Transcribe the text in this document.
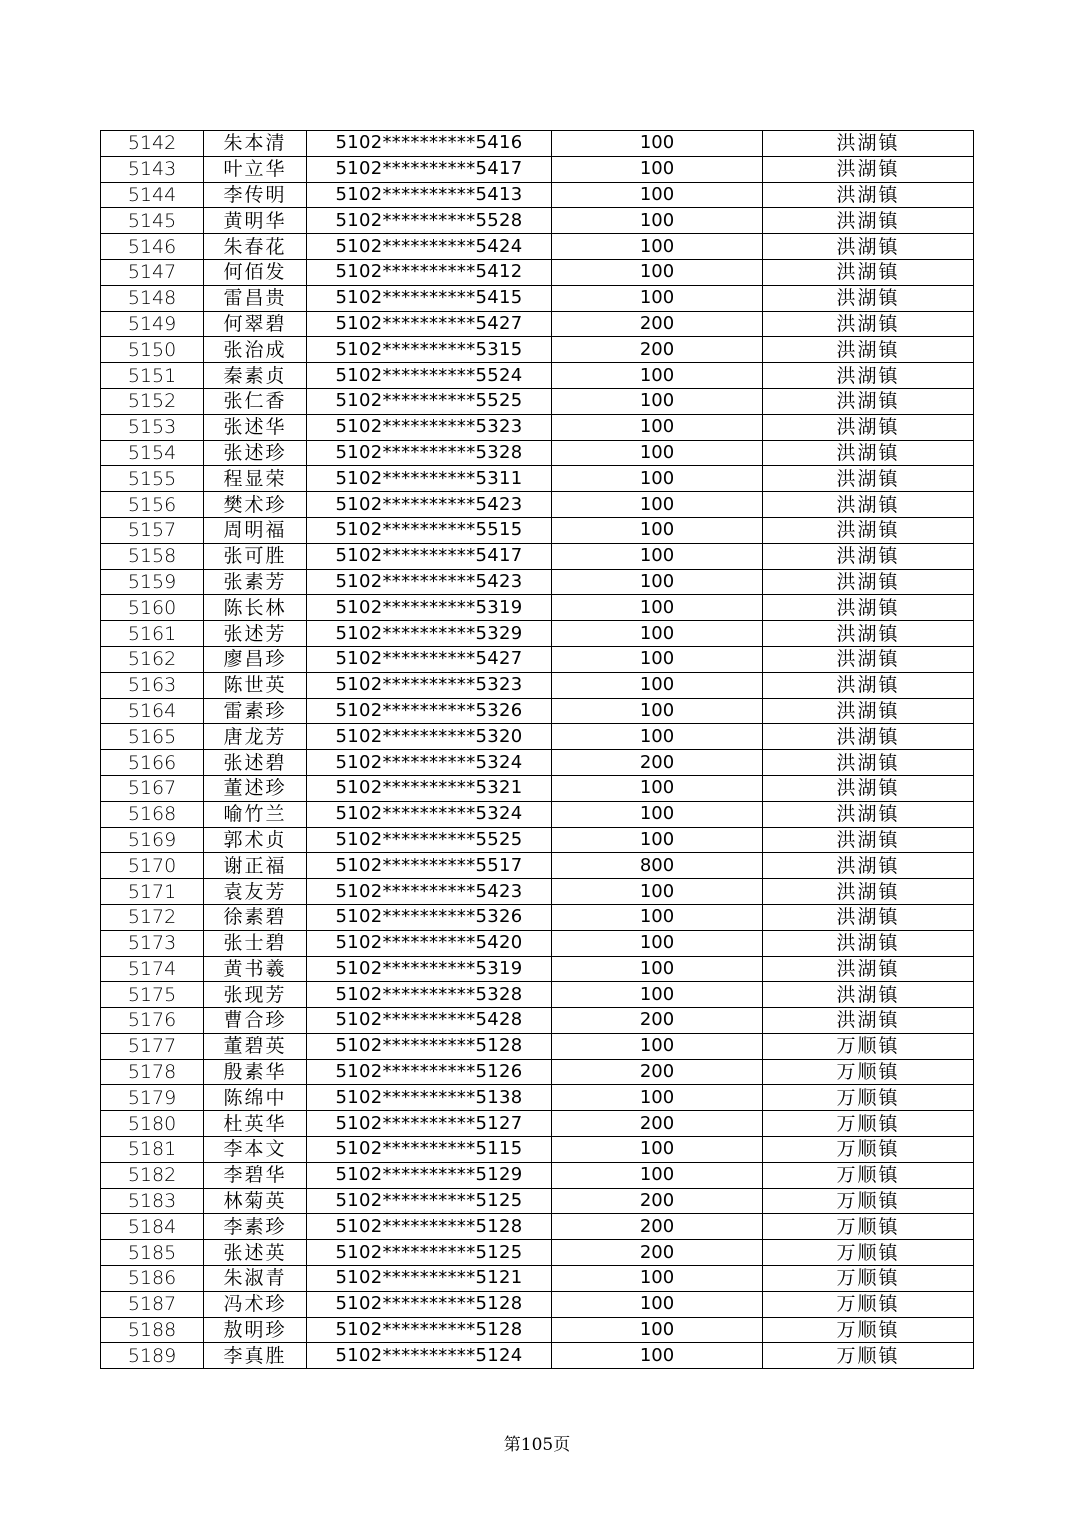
5142	朱本清	5102**********5416	100	洪湖镇
5143	叶立华	5102**********5417	100	洪湖镇
5144	李传明	5102**********5413	100	洪湖镇
5145	黄明华	5102**********5528	100	洪湖镇
5146	朱春花	5102**********5424	100	洪湖镇
5147	何佰发	5102**********5412	100	洪湖镇
5148	雷昌贵	5102**********5415	100	洪湖镇
5149	何翠碧	5102**********5427	200	洪湖镇
5150	张治成	5102**********5315	200	洪湖镇
5151	秦素贞	5102**********5524	100	洪湖镇
5152	张仁香	5102**********5525	100	洪湖镇
5153	张述华	5102**********5323	100	洪湖镇
5154	张述珍	5102**********5328	100	洪湖镇
5155	程显荣	5102**********5311	100	洪湖镇
5156	樊术珍	5102**********5423	100	洪湖镇
5157	周明福	5102**********5515	100	洪湖镇
5158	张可胜	5102**********5417	100	洪湖镇
5159	张素芳	5102**********5423	100	洪湖镇
5160	陈长林	5102**********5319	100	洪湖镇
5161	张述芳	5102**********5329	100	洪湖镇
5162	廖昌珍	5102**********5427	100	洪湖镇
5163	陈世英	5102**********5323	100	洪湖镇
5164	雷素珍	5102**********5326	100	洪湖镇
5165	唐龙芳	5102**********5320	100	洪湖镇
5166	张述碧	5102**********5324	200	洪湖镇
5167	董述珍	5102**********5321	100	洪湖镇
5168	喻竹兰	5102**********5324	100	洪湖镇
5169	郭术贞	5102**********5525	100	洪湖镇
5170	谢正福	5102**********5517	800	洪湖镇
5171	袁友芳	5102**********5423	100	洪湖镇
5172	徐素碧	5102**********5326	100	洪湖镇
5173	张士碧	5102**********5420	100	洪湖镇
5174	黄书羲	5102**********5319	100	洪湖镇
5175	张现芳	5102**********5328	100	洪湖镇
5176	曹合珍	5102**********5428	200	洪湖镇
5177	董碧英	5102**********5128	100	万顺镇
5178	殷素华	5102**********5126	200	万顺镇
5179	陈绵中	5102**********5138	100	万顺镇
5180	杜英华	5102**********5127	200	万顺镇
5181	李本文	5102**********5115	100	万顺镇
5182	李碧华	5102**********5129	100	万顺镇
5183	林菊英	5102**********5125	200	万顺镇
5184	李素珍	5102**********5128	200	万顺镇
5185	张述英	5102**********5125	200	万顺镇
5186	朱淑青	5102**********5121	100	万顺镇
5187	冯术珍	5102**********5128	100	万顺镇
5188	敖明珍	5102**********5128	100	万顺镇
5189	李真胜	5102**********5124	100	万顺镇
第105页
